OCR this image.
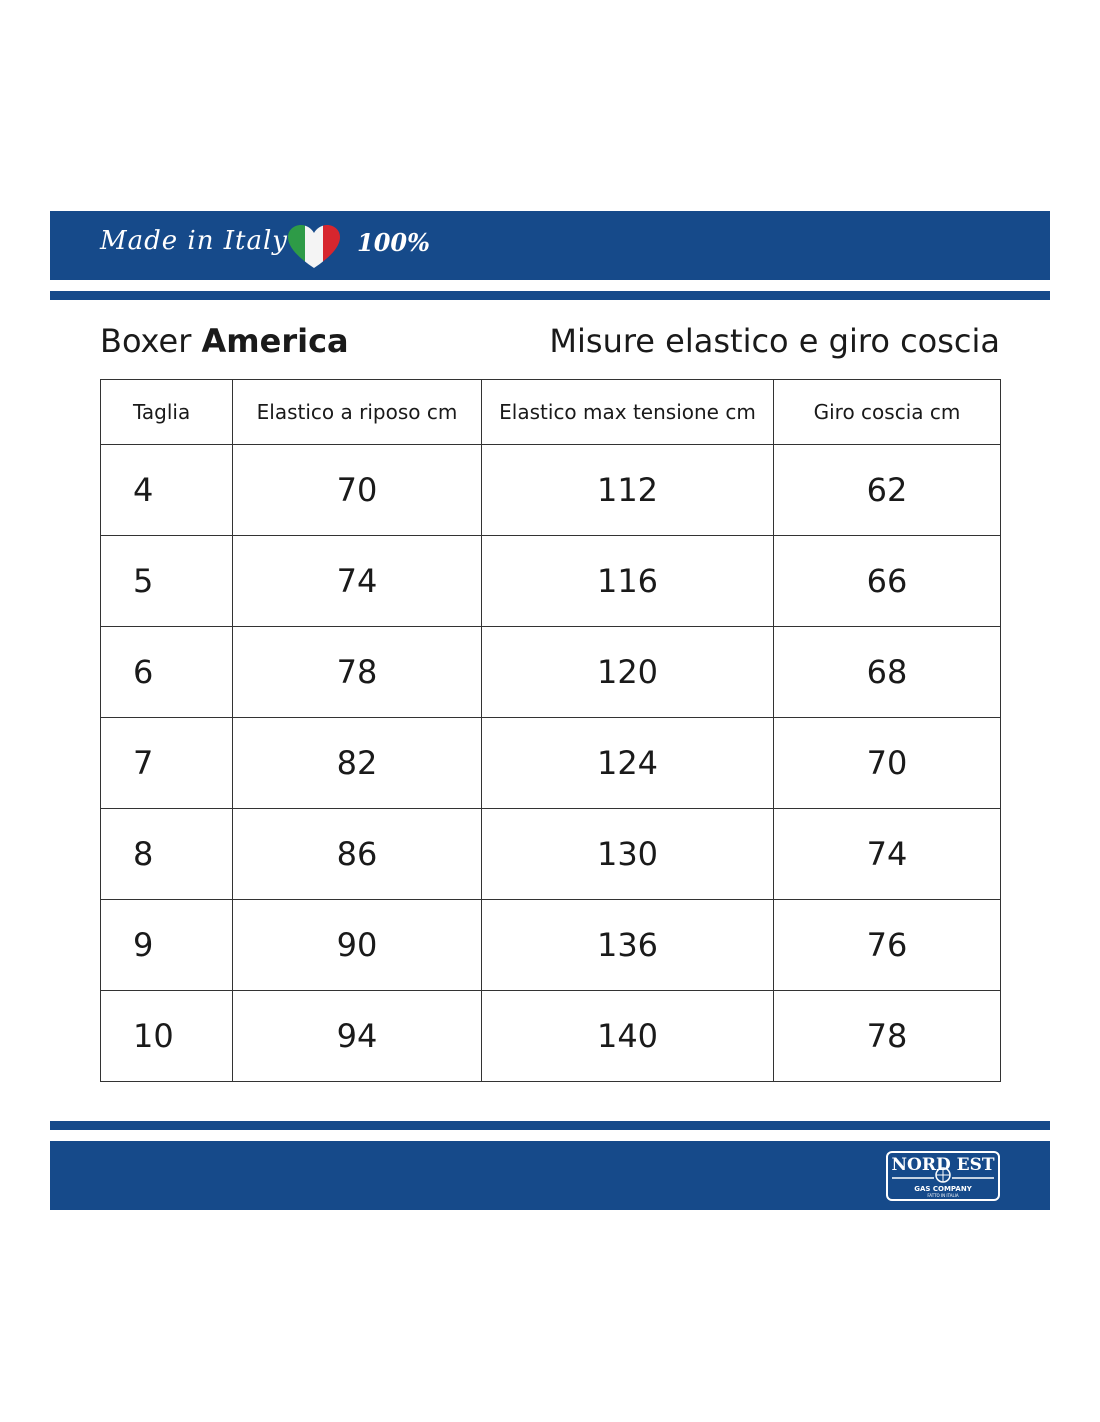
Made in Italy	100%
Boxer America	Misure elastico e giro coscia
Taglia	Elastico a riposo cm	Elastico max tensione cm	Giro coscia cm
4	70	112	62
5	74	116	66
6	78	120	68
7	82	124	70
8	86	130	74
9	90	136	76
10	94	140	78
NORD EST
GAS COMPANY
FATTO IN ITALIA
